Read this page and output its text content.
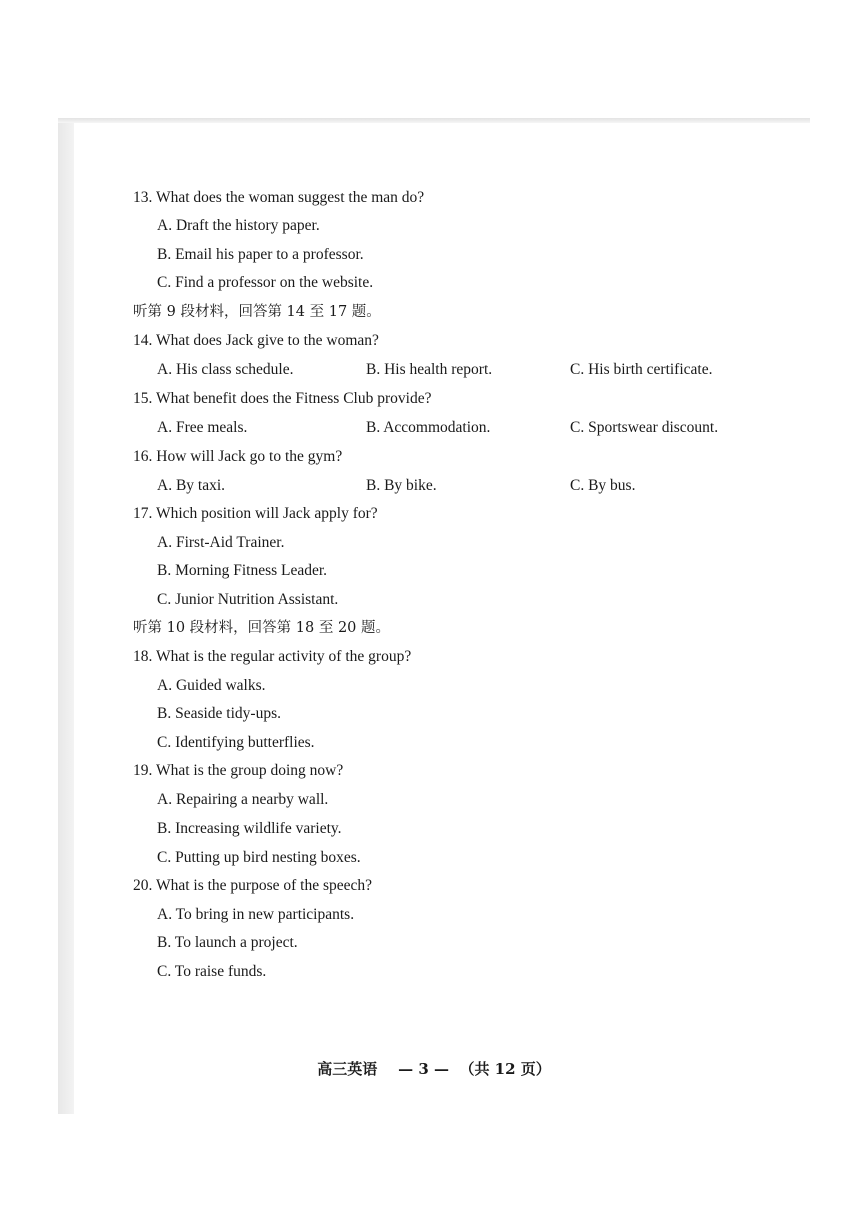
13. What does the woman suggest the man do?
A. Draft the history paper.
B. Email his paper to a professor.
C. Find a professor on the website.
听第 9 段材料，回答第 14 至 17 题。
14. What does Jack give to the woman?
A. His class schedule.	B. His health report.	C. His birth certificate.
15. What benefit does the Fitness Club provide?
A. Free meals.	B. Accommodation.	C. Sportswear discount.
16. How will Jack go to the gym?
A. By taxi.	B. By bike.	C. By bus.
17. Which position will Jack apply for?
A. First-Aid Trainer.
B. Morning Fitness Leader.
C. Junior Nutrition Assistant.
听第 10 段材料，回答第 18 至 20 题。
18. What is the regular activity of the group?
A. Guided walks.
B. Seaside tidy-ups.
C. Identifying butterflies.
19. What is the group doing now?
A. Repairing a nearby wall.
B. Increasing wildlife variety.
C. Putting up bird nesting boxes.
20. What is the purpose of the speech?
A. To bring in new participants.
B. To launch a project.
C. To raise funds.
高三英语 — 3 — （共 12 页）
